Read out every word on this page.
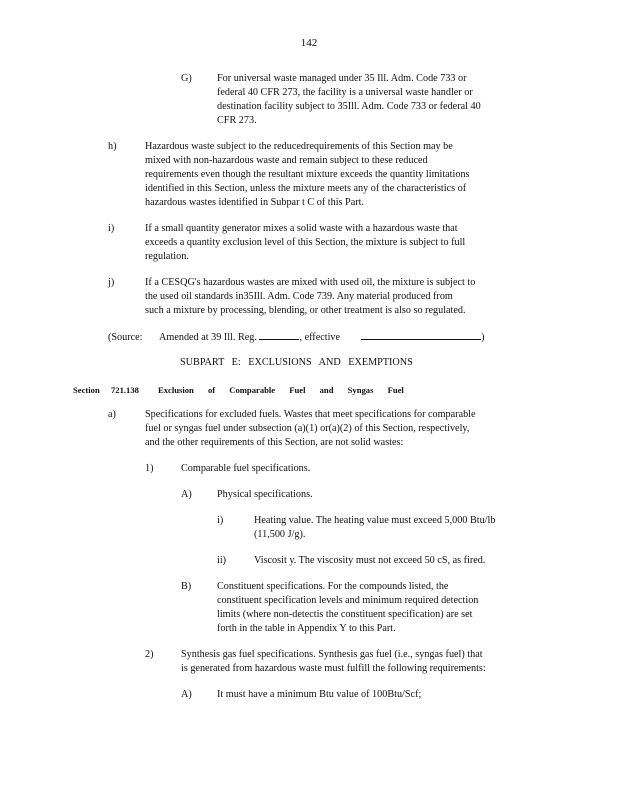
142
G) For universal waste managed under 35 Ill. Adm. Code 733 or
federal 40 CFR 273, the facility is a universal waste handler or
destination facility subject to 35Ill. Adm. Code 733 or federal 40
CFR 273.
h)	Hazardous waste subject to the reducedrequirements of this Section may be
mixed with non-hazardous waste and remain subject to these reduced
requirements even though the resultant mixture exceeds the quantity limitations
identified in this Section, unless the mixture meets any of the characteristics of
hazardous wastes identified in Subpar t C of this Part.
i)	If a small quantity generator mixes a solid waste with a hazardous waste that
exceeds a quantity exclusion level of this Section, the mixture is subject to full
regulation.
j)	If a CESQG's hazardous wastes are mixed with used oil, the mixture is subject to
the used oil standards in35Ill. Adm. Code 739. Any material produced from
such a mixture by processing, blending, or other treatment is also so regulated.
(Source: Amended at 39 Ill. Reg.	, effective	)
SUBPART E: EXCLUSIONS AND EXEMPTIONS
Section 721.138 Exclusion of Comparable Fuel and Syngas Fuel
a)	Specifications for excluded fuels. Wastes that meet specifications for comparable
fuel or syngas fuel under subsection (a)(1) or(a)(2) of this Section, respectively,
and the other requirements of this Section, are not solid wastes:
1)	Comparable fuel specifications.
A) Physical specifications.
i)	Heating value. The heating value must exceed 5,000 Btu/lb
(11,500 J/g).
ii)	Viscosit y. The viscosity must not exceed 50 cS, as fired.
B)	Constituent specifications. For the compounds listed, the
constituent specification levels and minimum required detection
limits (where non-detectis the constituent specification) are set
forth in the table in Appendix Y to this Part.
2)	Synthesis gas fuel specifications. Synthesis gas fuel (i.e., syngas fuel) that
is generated from hazardous waste must fulfill the following requirements:
A) It must have a minimum Btu value of 100Btu/Scf;
